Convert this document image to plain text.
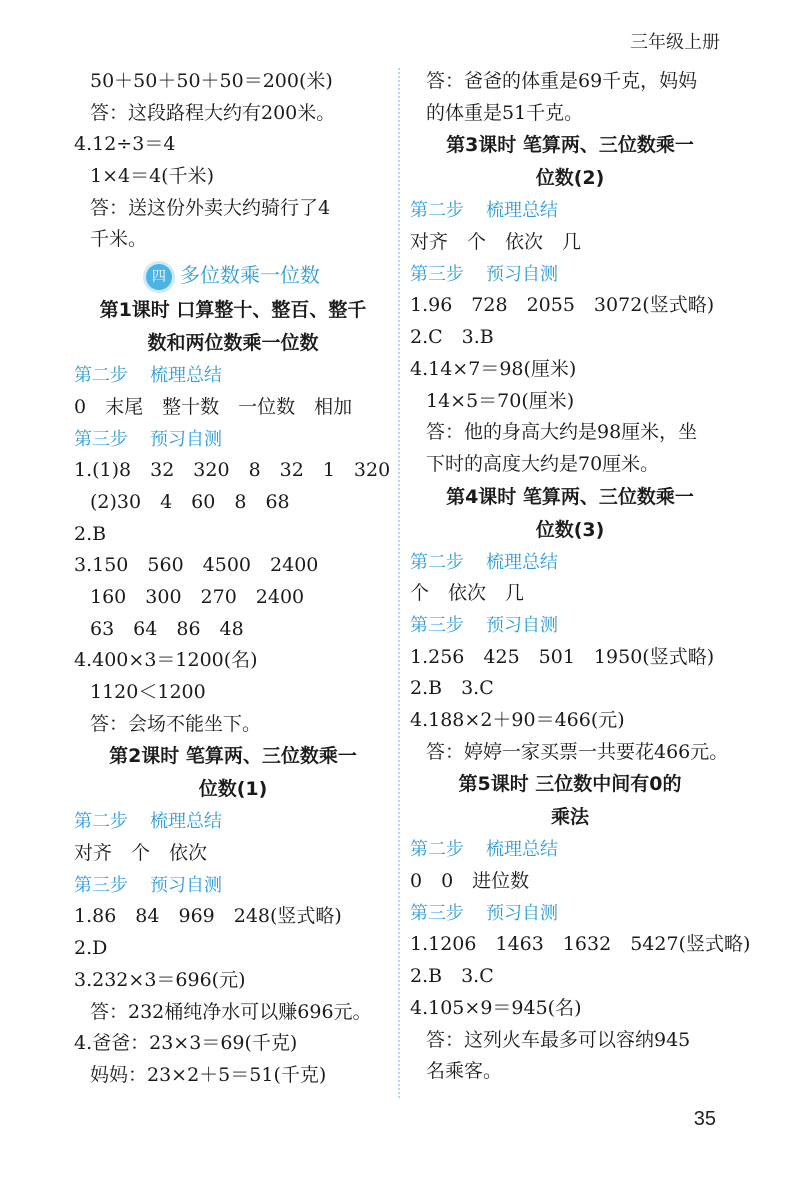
三年级上册
50＋50＋50＋50＝200(米)
答：这段路程大约有200米。
4.12÷3＝4
1×4＝4(千米)
答：送这份外卖大约骑行了4
千米。
四 多位数乘一位数
第1课时 口算整十、整百、整千
数和两位数乘一位数
第二步 梳理总结
0　末尾　整十数　一位数　相加
第三步 预习自测
1.(1)8　32　320　8　32　1　320
(2)30　4　60　8　68
2.B
3.150　560　4500　2400
160　300　270　2400
63　64　86　48
4.400×3＝1200(名)
1120＜1200
答：会场不能坐下。
第2课时 笔算两、三位数乘一
位数(1)
第二步 梳理总结
对齐　个　依次
第三步 预习自测
1.86　84　969　248(竖式略)
2.D
3.232×3＝696(元)
答：232桶纯净水可以赚696元。
4.爸爸：23×3＝69(千克)
妈妈：23×2＋5＝51(千克)
答：爸爸的体重是69千克，妈妈
的体重是51千克。
第3课时 笔算两、三位数乘一
位数(2)
第二步 梳理总结
对齐　个　依次　几
第三步 预习自测
1.96　728　2055　3072(竖式略)
2.C　3.B
4.14×7＝98(厘米)
14×5＝70(厘米)
答：他的身高大约是98厘米，坐
下时的高度大约是70厘米。
第4课时 笔算两、三位数乘一
位数(3)
第二步 梳理总结
个　依次　几
第三步 预习自测
1.256　425　501　1950(竖式略)
2.B　3.C
4.188×2＋90＝466(元)
答：婷婷一家买票一共要花466元。
第5课时 三位数中间有0的
乘法
第二步 梳理总结
0　0　进位数
第三步 预习自测
1.1206　1463　1632　5427(竖式略)
2.B　3.C
4.105×9＝945(名)
答：这列火车最多可以容纳945
名乘客。
35
